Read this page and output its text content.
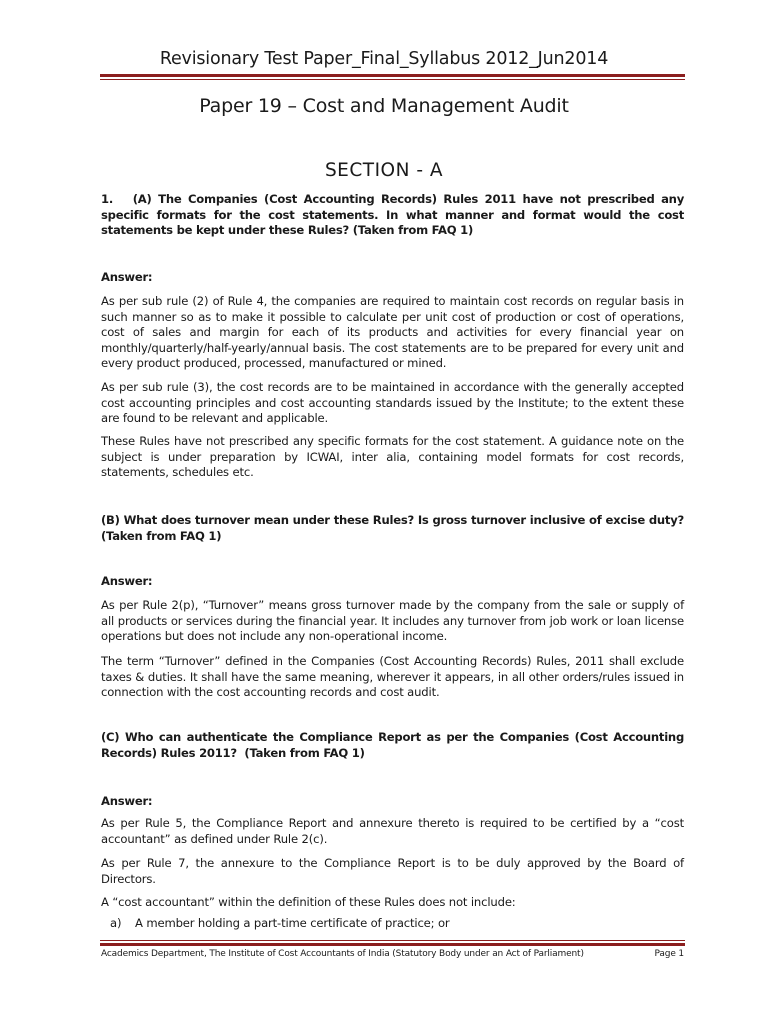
Revisionary Test Paper_Final_Syllabus 2012_Jun2014
Paper 19 – Cost and Management Audit
SECTION - A

1.   (A) The Companies (Cost Accounting Records) Rules 2011 have not prescribed any specific formats for the cost statements. In what manner and format would the cost statements be kept under these Rules? (Taken from FAQ 1)

Answer:

As per sub rule (2) of Rule 4, the companies are required to maintain cost records on regular basis in such manner so as to make it possible to calculate per unit cost of production or cost of operations, cost of sales and margin for each of its products and activities for every financial year on monthly/quarterly/half-yearly/annual basis. The cost statements are to be prepared for every unit and every product produced, processed, manufactured or mined.

As per sub rule (3), the cost records are to be maintained in accordance with the generally accepted cost accounting principles and cost accounting standards issued by the Institute; to the extent these are found to be relevant and applicable.

These Rules have not prescribed any specific formats for the cost statement. A guidance note on the subject is under preparation by ICWAI, inter alia, containing model formats for cost records, statements, schedules etc.

(B) What does turnover mean under these Rules? Is gross turnover inclusive of excise duty? (Taken from FAQ 1)

Answer:

As per Rule 2(p), “Turnover” means gross turnover made by the company from the sale or supply of all products or services during the financial year. It includes any turnover from job work or loan license operations but does not include any non-operational income.

The term “Turnover” defined in the Companies (Cost Accounting Records) Rules, 2011 shall exclude taxes & duties. It shall have the same meaning, wherever it appears, in all other orders/rules issued in connection with the cost accounting records and cost audit.

(C) Who can authenticate the Compliance Report as per the Companies (Cost Accounting Records) Rules 2011?  (Taken from FAQ 1)

Answer:

As per Rule 5, the Compliance Report and annexure thereto is required to be certified by a “cost accountant” as defined under Rule 2(c).

As per Rule 7, the annexure to the Compliance Report is to be duly approved by the Board of Directors.

A “cost accountant” within the definition of these Rules does not include:

a) A member holding a part-time certificate of practice; or
Academics Department, The Institute of Cost Accountants of India (Statutory Body under an Act of Parliament)	Page 1
